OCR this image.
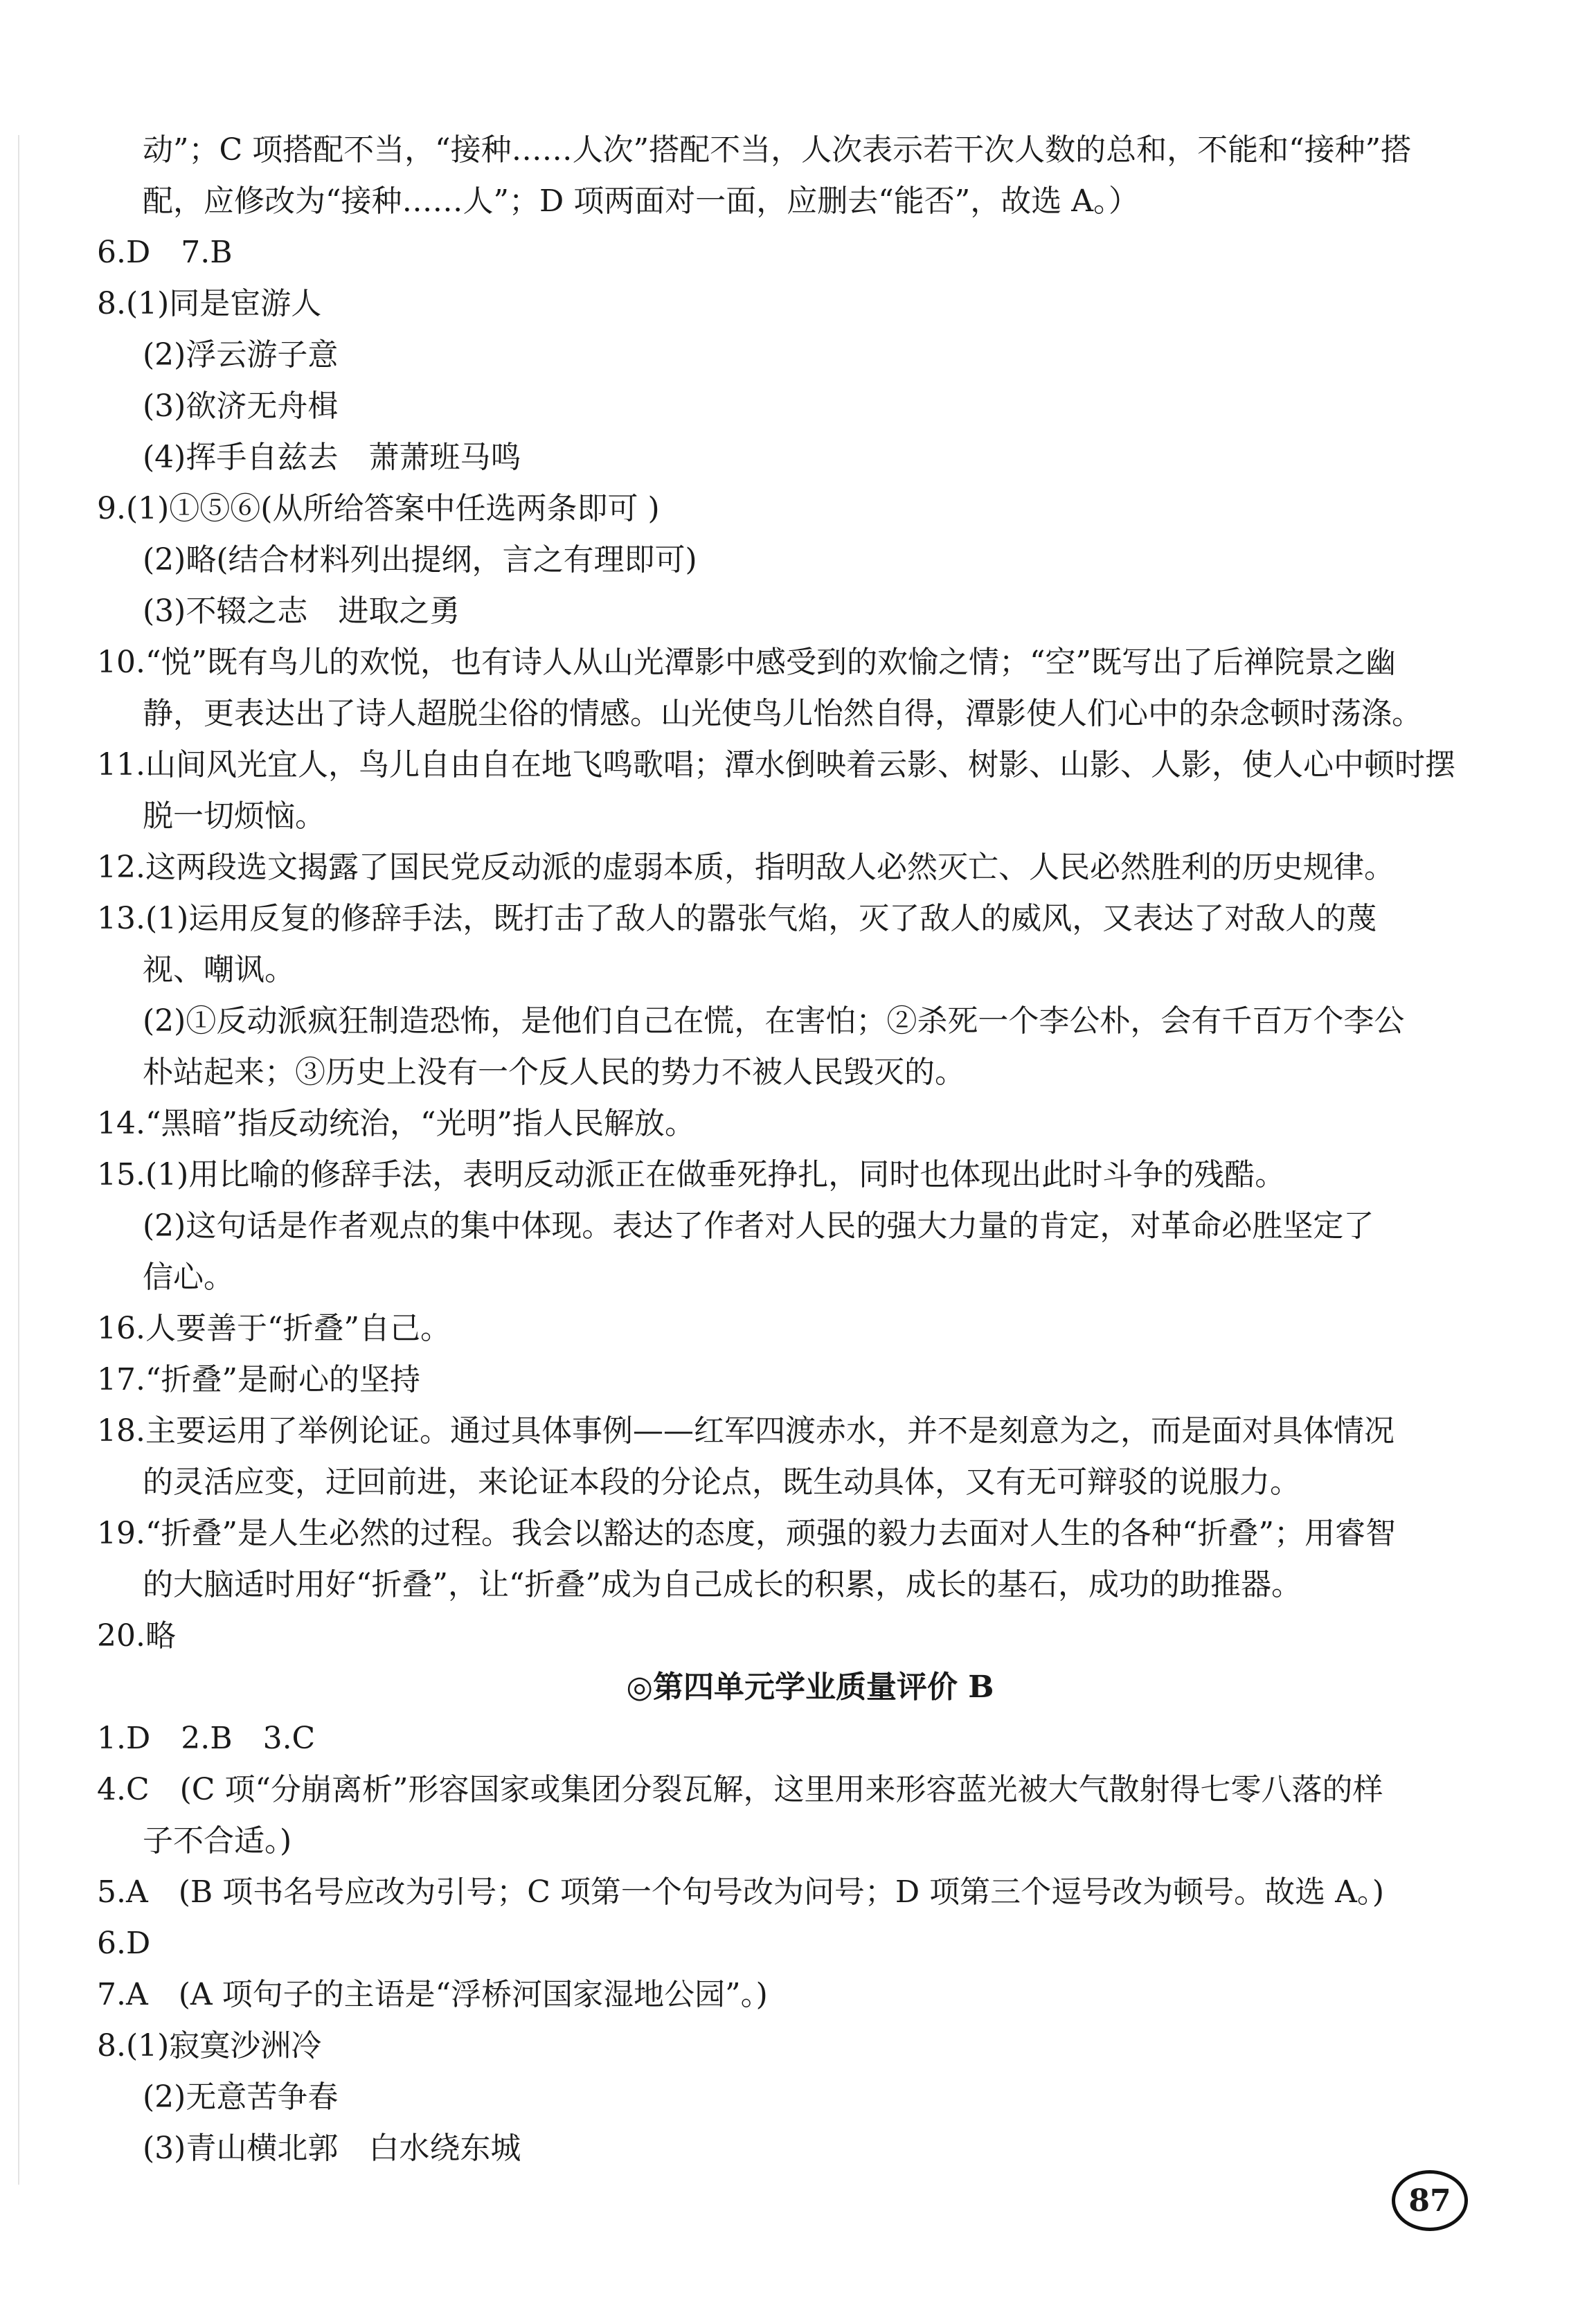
动”；C 项搭配不当，“接种……人次”搭配不当，人次表示若干次人数的总和，不能和“接种”搭
配，应修改为“接种……人”；D 项两面对一面，应删去“能否”，故选 A。）
6.D　7.B
8.(1)同是宦游人
(2)浮云游子意
(3)欲济无舟楫
(4)挥手自兹去　萧萧班马鸣
9.(1)①⑤⑥(从所给答案中任选两条即可 )
(2)略(结合材料列出提纲，言之有理即可)
(3)不辍之志　进取之勇
10.“悦”既有鸟儿的欢悦，也有诗人从山光潭影中感受到的欢愉之情；“空”既写出了后禅院景之幽
静，更表达出了诗人超脱尘俗的情感。山光使鸟儿怡然自得，潭影使人们心中的杂念顿时荡涤。
11.山间风光宜人，鸟儿自由自在地飞鸣歌唱；潭水倒映着云影、树影、山影、人影，使人心中顿时摆
脱一切烦恼。
12.这两段选文揭露了国民党反动派的虚弱本质，指明敌人必然灭亡、人民必然胜利的历史规律。
13.(1)运用反复的修辞手法，既打击了敌人的嚣张气焰，灭了敌人的威风，又表达了对敌人的蔑
视、嘲讽。
(2)①反动派疯狂制造恐怖，是他们自己在慌，在害怕；②杀死一个李公朴，会有千百万个李公
朴站起来；③历史上没有一个反人民的势力不被人民毁灭的。
14.“黑暗”指反动统治，“光明”指人民解放。
15.(1)用比喻的修辞手法，表明反动派正在做垂死挣扎，同时也体现出此时斗争的残酷。
(2)这句话是作者观点的集中体现。表达了作者对人民的强大力量的肯定，对革命必胜坚定了
信心。
16.人要善于“折叠”自己。
17.“折叠”是耐心的坚持
18.主要运用了举例论证。通过具体事例——红军四渡赤水，并不是刻意为之，而是面对具体情况
的灵活应变，迂回前进，来论证本段的分论点，既生动具体，又有无可辩驳的说服力。
19.“折叠”是人生必然的过程。我会以豁达的态度，顽强的毅力去面对人生的各种“折叠”；用睿智
的大脑适时用好“折叠”，让“折叠”成为自己成长的积累，成长的基石，成功的助推器。
20.略
◎第四单元学业质量评价 B
1.D　2.B　3.C
4.C　(C 项“分崩离析”形容国家或集团分裂瓦解，这里用来形容蓝光被大气散射得七零八落的样
子不合适。)
5.A　(B 项书名号应改为引号；C 项第一个句号改为问号；D 项第三个逗号改为顿号。故选 A。)
6.D
7.A　(A 项句子的主语是“浮桥河国家湿地公园”。)
8.(1)寂寞沙洲冷
(2)无意苦争春
(3)青山横北郭　白水绕东城
87
